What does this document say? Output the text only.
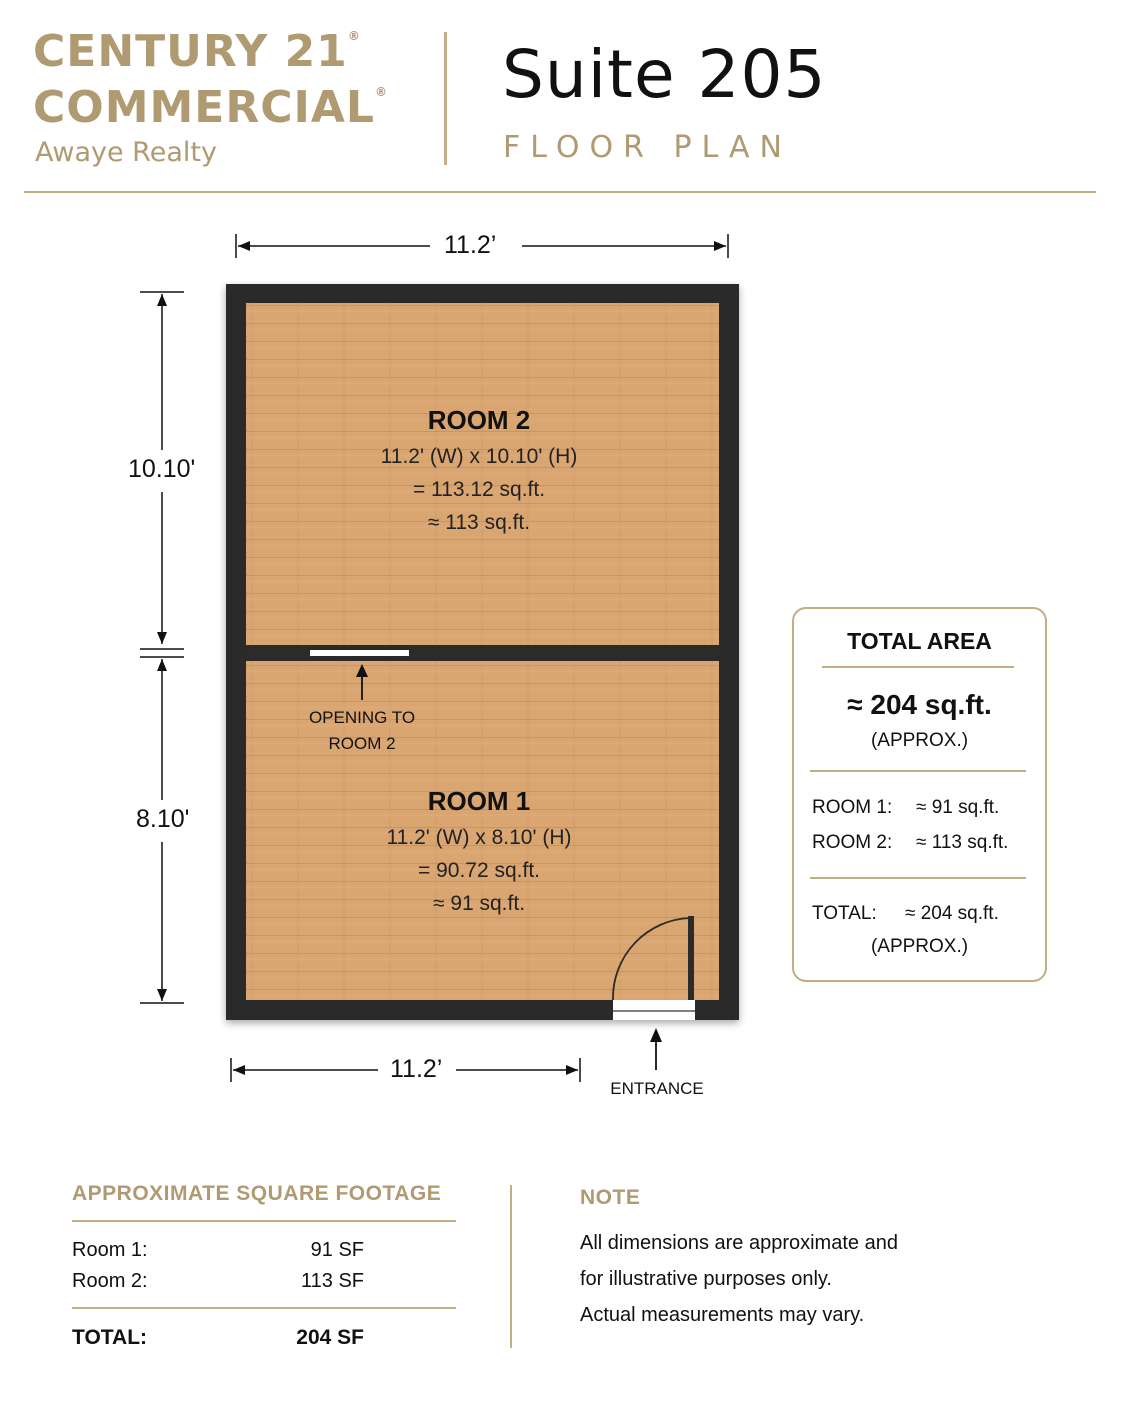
CENTURY 21®
COMMERCIAL®
Awaye Realty
Suite 205
FLOOR PLAN
11.2’
11.2’
10.10'
8.10'
ROOM 2
11.2' (W) x 10.10' (H)
= 113.12 sq.ft.
≈ 113 sq.ft.
ROOM 1
11.2' (W) x 8.10' (H)
= 90.72 sq.ft.
≈ 91 sq.ft.
OPENING TO
ROOM 2
ENTRANCE
TOTAL AREA
≈ 204 sq.ft.
(APPROX.)
ROOM 1: ≈ 91 sq.ft.
ROOM 2: ≈ 113 sq.ft.
TOTAL: ≈ 204 sq.ft.
(APPROX.)
APPROXIMATE SQUARE FOOTAGE
Room 1:	91 SF
Room 2:	113 SF
TOTAL:	204 SF
NOTE
All dimensions are approximate and
for illustrative purposes only.
Actual measurements may vary.
